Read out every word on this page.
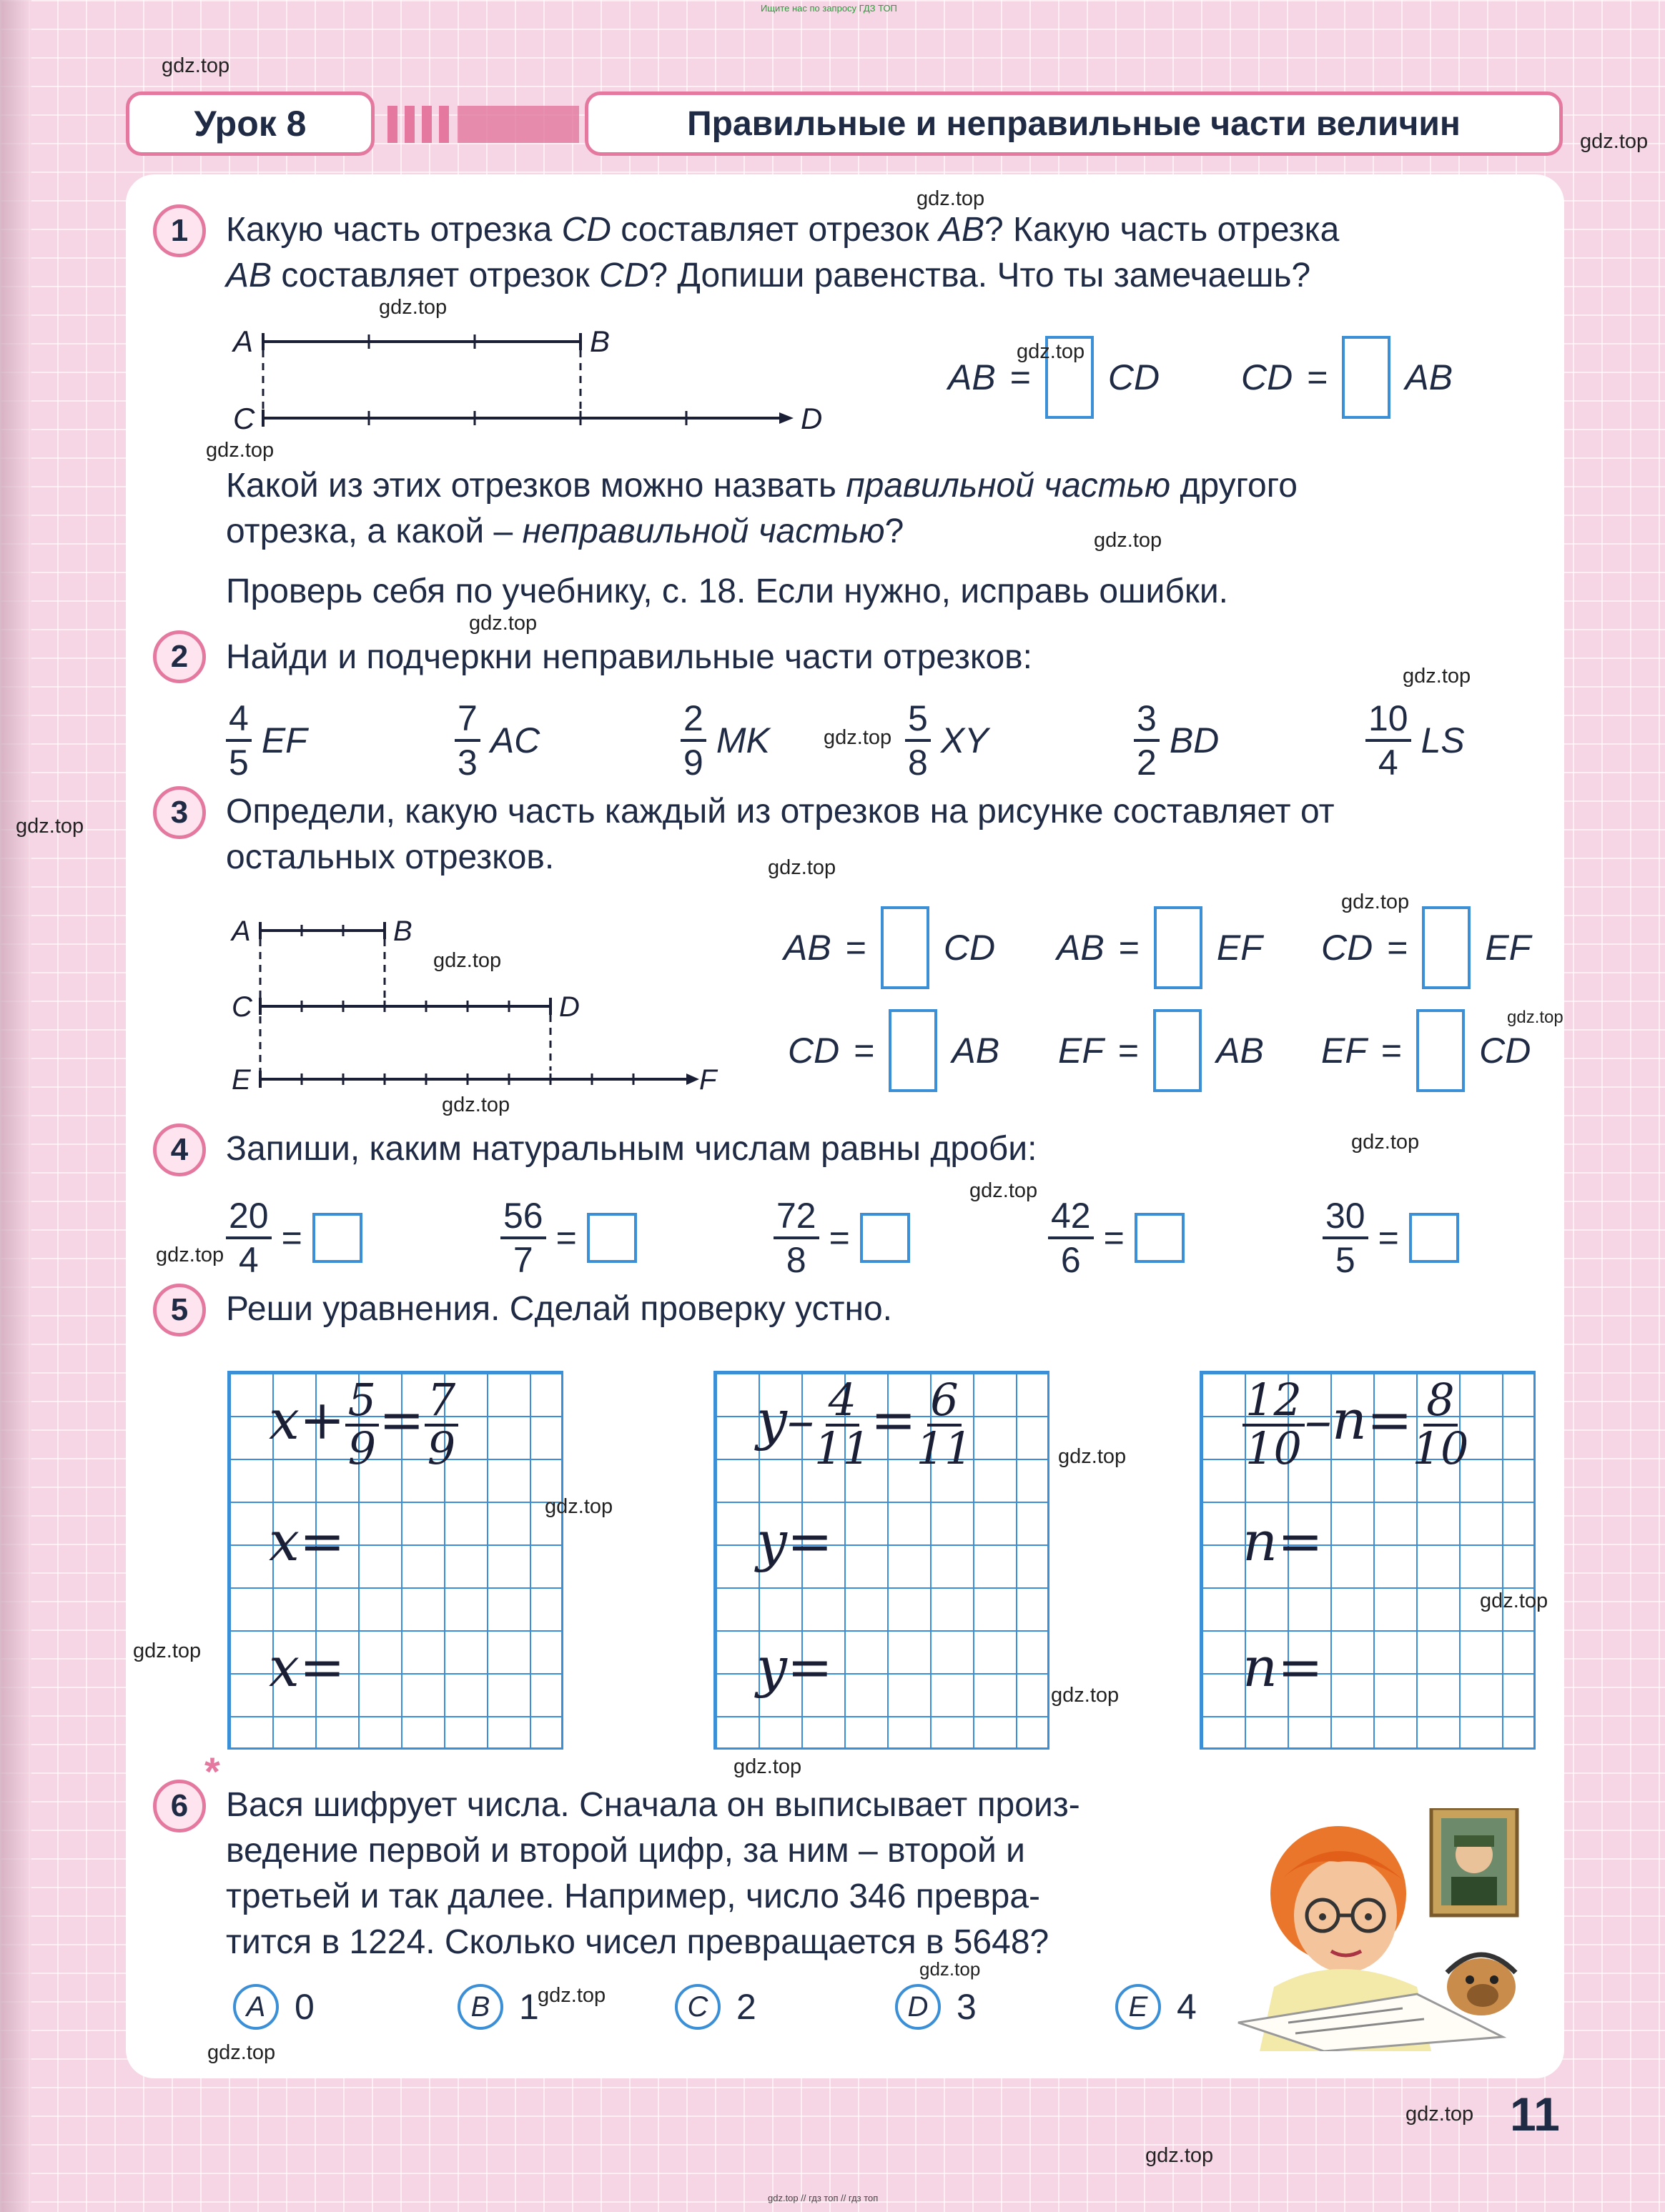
Ищите нас по запросу ГДЗ ТОП
Урок 8	Правильные и неправильные части величин
1	Какую часть отрезка CD составляет отрезок AB? Какую часть отрезка
AB составляет отрезок CD? Допиши равенства. Что ты замечаешь?
A	B
C	D
AB = CD CD = AB
Какой из этих отрезков можно назвать правильной частью другого
отрезка, а какой – неправильной частью?
Проверь себя по учебнику, с. 18. Если нужно, исправь ошибки.
2	Найди и подчеркни неправильные части отрезков:
4
5
EF
7
3
AC
2
9
MK
5
8
XY
3
2
BD
10
4
LS
3	Определи, какую часть каждый из отрезков на рисунке составляет от
остальных отрезков.
A	B
C	D
E	F
AB = CD AB = EF CD = EF
CD = AB EF = AB EF = CD
4	Запиши, каким натуральным числам равны дроби:
$\frac{20}{4}$ =	$\frac{56}{7}$ =	$\frac{72}{8}$ =	$\frac{42}{6}$ =	$\frac{30}{5}$ =
5	Реши уравнения. Сделай проверку устно.
$x+ \frac{5}{9} = \frac{7}{9}$
x=
x=
$y- \frac{4}{11} = \frac{6}{11}$
y=
y=
$\frac{12}{10} -n= \frac{8}{10}$
n=
n=
*
6	Вася шифрует числа. Сначала он выписывает произ-
ведение первой и второй цифр, за ним – второй и
третьей и так далее. Например, число 346 превра-
тится в 1224. Сколько чисел превращается в 5648?
A 0	B 1	C 2	D 3	E 4
11
gdz.top
gdz.top
gdz.top
gdz.top
gdz.top
gdz.top
gdz.top
gdz.top
gdz.top
gdz.top
gdz.top
gdz.top
gdz.top
gdz.top
gdz.top
gdz.top
gdz.top
gdz.top
gdz.top
gdz.top
gdz.top
gdz.top
gdz.top
gdz.top
gdz.top
gdz.top
gdz.top
gdz.top
gdz.top
gdz.top
gdz.top // гдз топ // гдз топ
